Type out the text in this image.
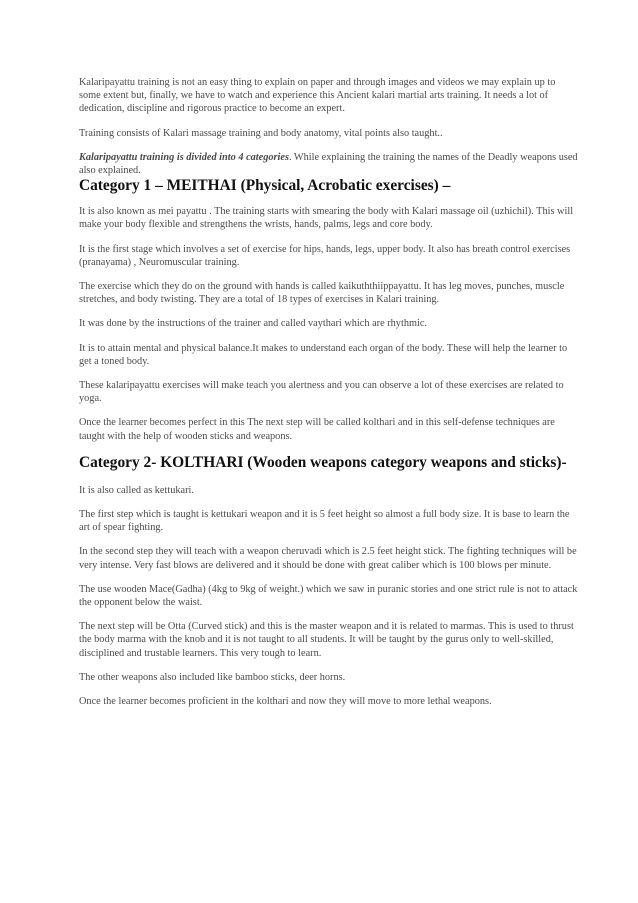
Kalaripayattu training is not an easy thing to explain on paper and through images and videos we may explain up to some extent but, finally, we have to watch and experience this Ancient kalari martial arts training. It needs a lot of dedication, discipline and rigorous practice to become an expert.

Training consists of Kalari massage training and body anatomy, vital points also taught..

Kalaripayattu training is divided into 4 categories. While explaining the training the names of the Deadly weapons used also explained.

Category 1 – MEITHAI (Physical, Acrobatic exercises) –

It is also known as mei payattu . The training starts with smearing the body with Kalari massage oil (uzhichil). This will make your body flexible and strengthens the wrists, hands, palms, legs and core body.

It is the first stage which involves a set of exercise for hips, hands, legs, upper body. It also has breath control exercises (pranayama) , Neuromuscular training.

The exercise which they do on the ground with hands is called kaikuththiippayattu. It has leg moves, punches, muscle stretches, and body twisting. They are a total of 18 types of exercises in Kalari training.

It was done by the instructions of the trainer and called vaythari which are rhythmic.

It is to attain mental and physical balance.It makes to understand each organ of the body. These will help the learner to get a toned body.

These kalaripayattu exercises will make teach you alertness and you can observe a lot of these exercises are related to yoga.

Once the learner becomes perfect in this The next step will be called kolthari and in this self-defense techniques are taught with the help of wooden sticks and weapons.

Category 2- KOLTHARI (Wooden weapons category weapons and sticks)-

It is also called as kettukari.

The first step which is taught is kettukari weapon and it is 5 feet height so almost a full body size. It is base to learn the art of spear fighting.

In the second step they will teach with a weapon cheruvadi which is 2.5 feet height stick. The fighting techniques will be very intense. Very fast blows are delivered and it should be done with great caliber which is 100 blows per minute.

The use wooden Mace(Gadha) (4kg to 9kg of weight.) which we saw in puranic stories and one strict rule is not to attack the opponent below the waist.

The next step will be Otta (Curved stick) and this is the master weapon and it is related to marmas. This is used to thrust the body marma with the knob and it is not taught to all students. It will be taught by the gurus only to well-skilled, disciplined and trustable learners. This very tough to learn.

The other weapons also included like bamboo sticks, deer horns.

Once the learner becomes proficient in the kolthari and now they will move to more lethal weapons.
